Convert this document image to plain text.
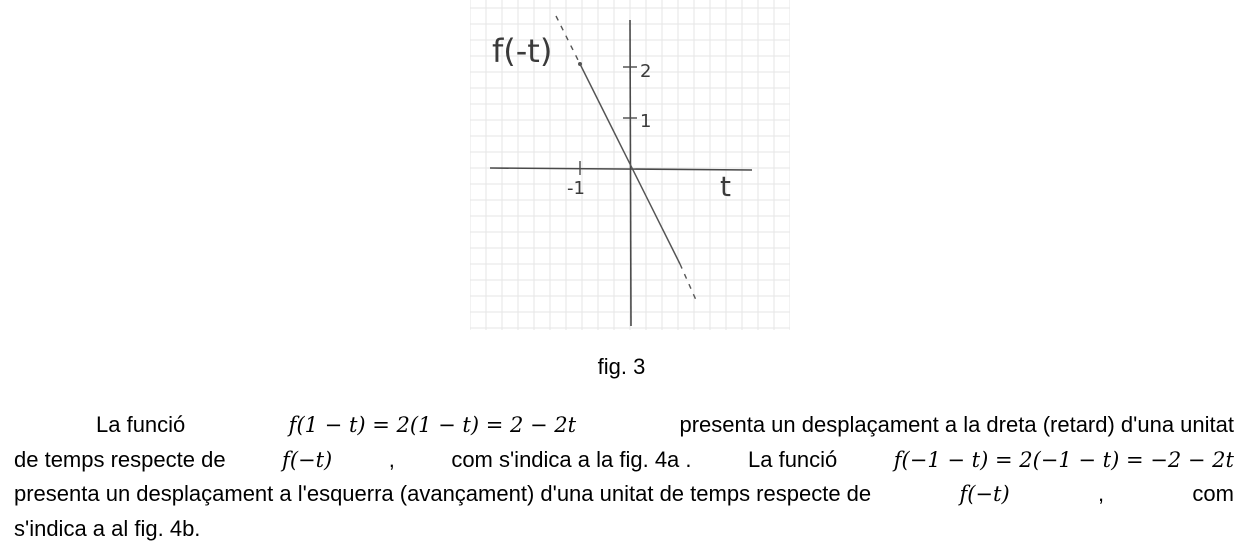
f(-t)
2
1
-1	t
fig. 3
La funció	f(1 − t) = 2(1 − t) = 2 − 2t	presenta un desplaçament a la dreta (retard) d'una unitat
de temps respecte de	f(−t)	,	com s'indica a la fig. 4a .	La funció	f(−1 − t) = 2(−1 − t) = −2 − 2t
presenta un desplaçament a l'esquerra (avançament) d'una unitat de temps respecte de	f(−t)	,	com
s'indica a al fig. 4b.
